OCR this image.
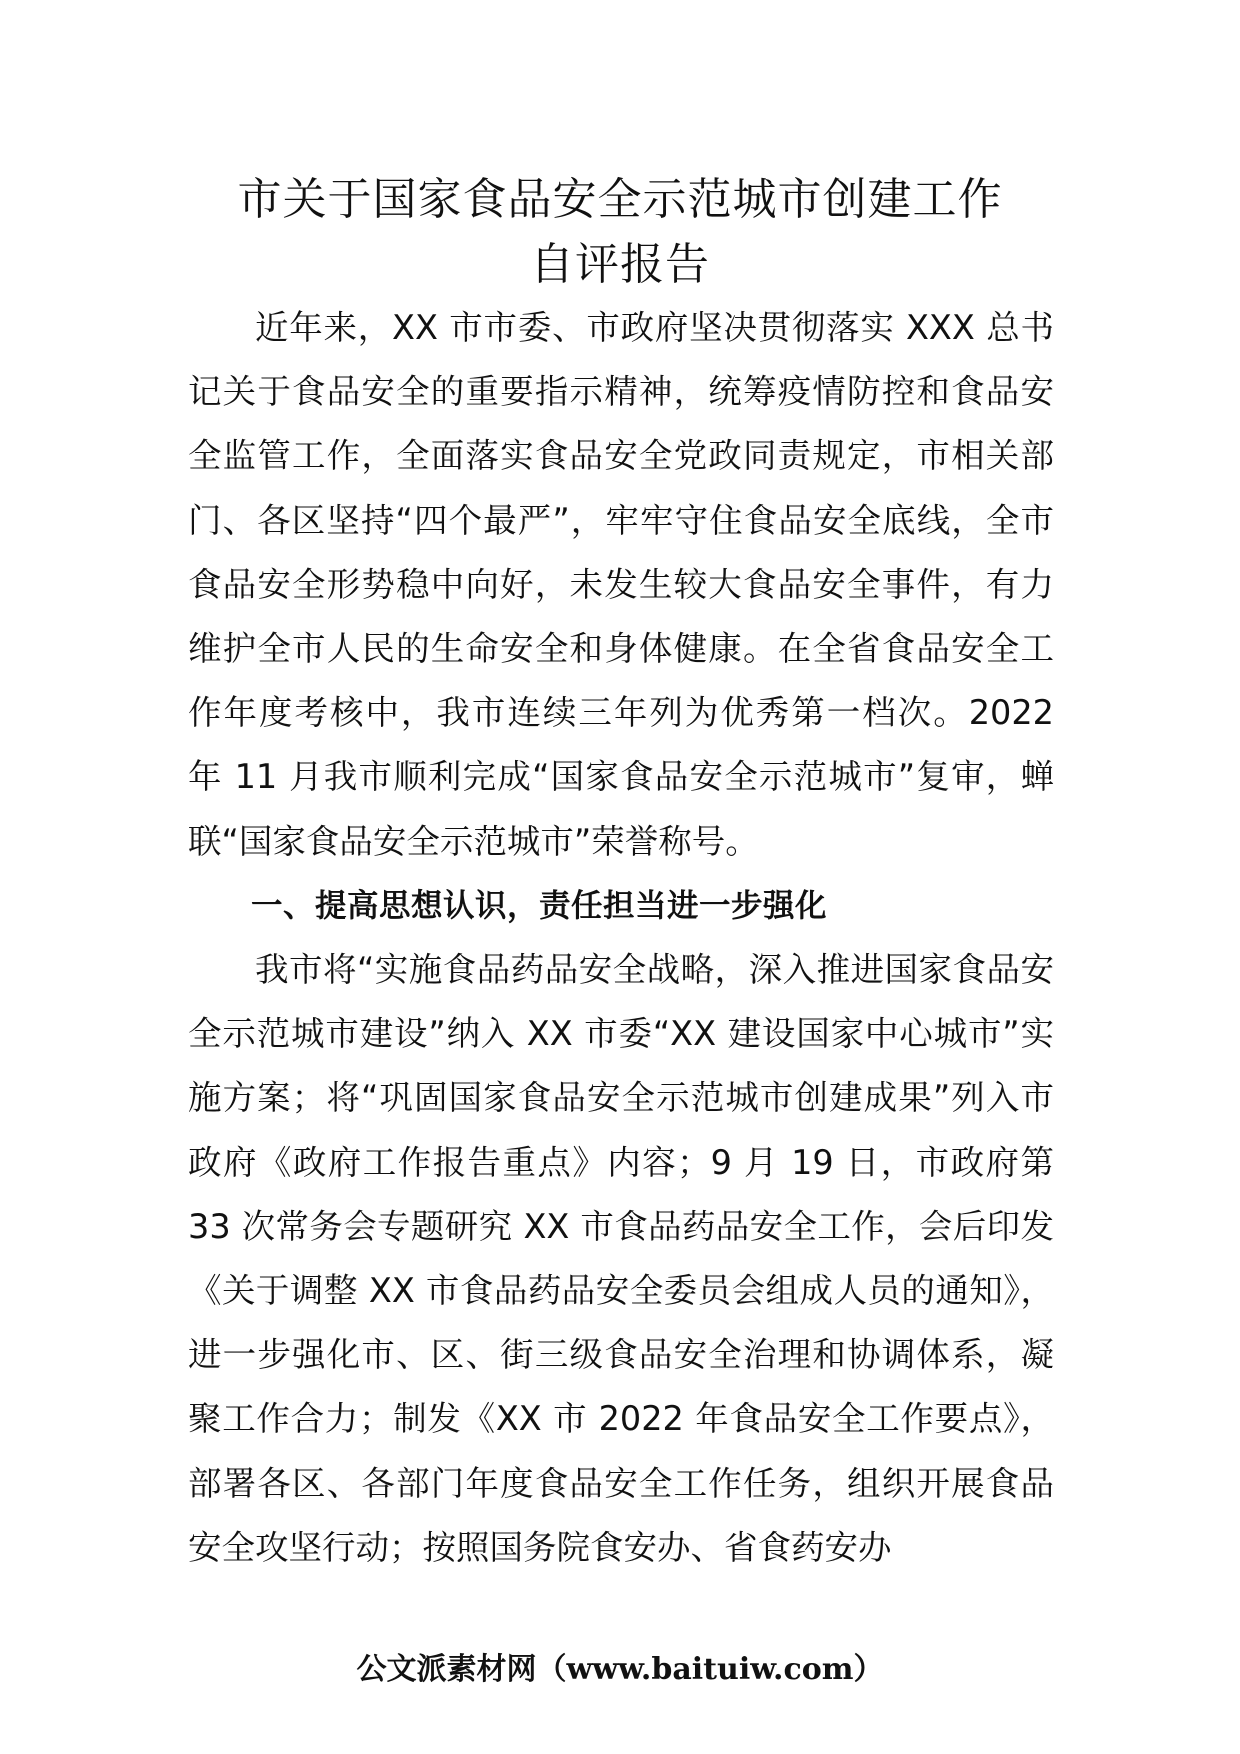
市关于国家食品安全示范城市创建工作
自评报告

近年来，XX 市市委、市政府坚决贯彻落实 XXX 总书记关于食品安全的重要指示精神，统筹疫情防控和食品安全监管工作，全面落实食品安全党政同责规定，市相关部门、各区坚持“四个最严”，牢牢守住食品安全底线，全市食品安全形势稳中向好，未发生较大食品安全事件，有力维护全市人民的生命安全和身体健康。在全省食品安全工作年度考核中，我市连续三年列为优秀第一档次。2022 年 11 月我市顺利完成“国家食品安全示范城市”复审，蝉联“国家食品安全示范城市”荣誉称号。

一、提高思想认识，责任担当进一步强化

我市将“实施食品药品安全战略，深入推进国家食品安全示范城市建设”纳入 XX 市委“XX 建设国家中心城市”实施方案；将“巩固国家食品安全示范城市创建成果”列入市政府《政府工作报告重点》内容；9 月 19 日，市政府第 33 次常务会专题研究 XX 市食品药品安全工作，会后印发《关于调整 XX 市食品药品安全委员会组成人员的通知》，进一步强化市、区、街三级食品安全治理和协调体系，凝聚工作合力；制发《XX 市 2022 年食品安全工作要点》，部署各区、各部门年度食品安全工作任务，组织开展食品安全攻坚行动；按照国务院食安办、省食药安办

公文派素材网（www.baituiw.com）
